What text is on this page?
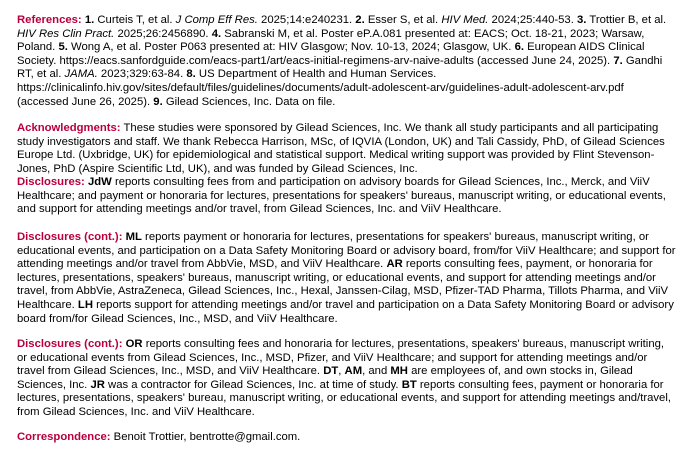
References: 1. Curteis T, et al. J Comp Eff Res. 2025;14:e240231. 2. Esser S, et al. HIV Med. 2024;25:440-53. 3. Trottier B, et al. HIV Res Clin Pract. 2025;26:2456890. 4. Sabranski M, et al. Poster eP.A.081 presented at: EACS; Oct. 18-21, 2023; Warsaw, Poland. 5. Wong A, et al. Poster P063 presented at: HIV Glasgow; Nov. 10-13, 2024; Glasgow, UK. 6. European AIDS Clinical Society. https://eacs.sanfordguide.com/eacs-part1/art/eacs-initial-regimens-arv-naive-adults (accessed June 24, 2025). 7. Gandhi RT, et al. JAMA. 2023;329:63-84. 8. US Department of Health and Human Services. https://clinicalinfo.hiv.gov/sites/default/files/guidelines/documents/adult-adolescent-arv/guidelines-adult-adolescent-arv.pdf (accessed June 26, 2025). 9. Gilead Sciences, Inc. Data on file.
Acknowledgments: These studies were sponsored by Gilead Sciences, Inc. We thank all study participants and all participating study investigators and staff. We thank Rebecca Harrison, MSc, of IQVIA (London, UK) and Tali Cassidy, PhD, of Gilead Sciences Europe Ltd. (Uxbridge, UK) for epidemiological and statistical support. Medical writing support was provided by Flint Stevenson-Jones, PhD (Aspire Scientific Ltd, UK), and was funded by Gilead Sciences, Inc.
Disclosures: JdW reports consulting fees from and participation on advisory boards for Gilead Sciences, Inc., Merck, and ViiV Healthcare; and payment or honoraria for lectures, presentations for speakers' bureaus, manuscript writing, or educational events, and support for attending meetings and/or travel, from Gilead Sciences, Inc. and ViiV Healthcare.
Disclosures (cont.): ML reports payment or honoraria for lectures, presentations for speakers' bureaus, manuscript writing, or educational events, and participation on a Data Safety Monitoring Board or advisory board, from/for ViiV Healthcare; and support for attending meetings and/or travel from AbbVie, MSD, and ViiV Healthcare. AR reports consulting fees, payment, or honoraria for lectures, presentations, speakers' bureaus, manuscript writing, or educational events, and support for attending meetings and/or travel, from AbbVie, AstraZeneca, Gilead Sciences, Inc., Hexal, Janssen-Cilag, MSD, Pfizer-TAD Pharma, Tillots Pharma, and ViiV Healthcare. LH reports support for attending meetings and/or travel and participation on a Data Safety Monitoring Board or advisory board from/for Gilead Sciences, Inc., MSD, and ViiV Healthcare.
Disclosures (cont.): OR reports consulting fees and honoraria for lectures, presentations, speakers' bureaus, manuscript writing, or educational events from Gilead Sciences, Inc., MSD, Pfizer, and ViiV Healthcare; and support for attending meetings and/or travel from Gilead Sciences, Inc., MSD, and ViiV Healthcare. DT, AM, and MH are employees of, and own stocks in, Gilead Sciences, Inc. JR was a contractor for Gilead Sciences, Inc. at time of study. BT reports consulting fees, payment or honoraria for lectures, presentations, speakers' bureau, manuscript writing, or educational events, and support for attending meetings and/travel, from Gilead Sciences, Inc. and ViiV Healthcare.
Correspondence: Benoit Trottier, bentrotte@gmail.com.
